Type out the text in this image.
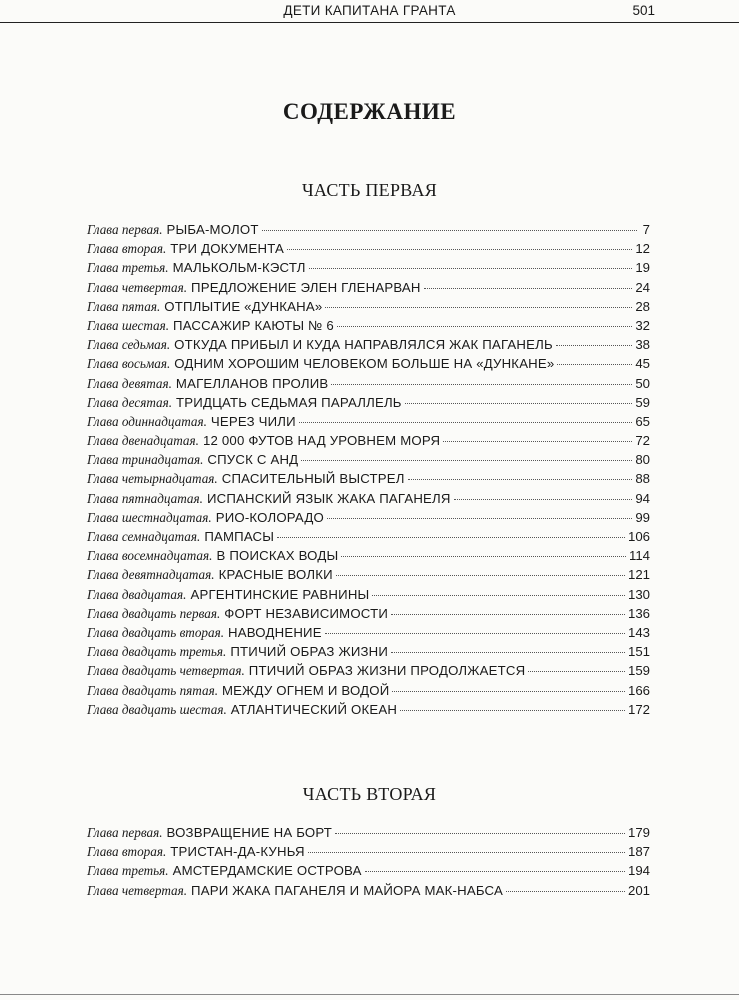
ДЕТИ КАПИТАНА ГРАНТА	501
СОДЕРЖАНИЕ
ЧАСТЬ ПЕРВАЯ
Глава первая. РЫБА-МОЛОТ	7
Глава вторая. ТРИ ДОКУМЕНТА	12
Глава третья. МАЛЬКОЛЬМ-КЭСТЛ	19
Глава четвертая. ПРЕДЛОЖЕНИЕ ЭЛЕН ГЛЕНАРВАН	24
Глава пятая. ОТПЛЫТИЕ «ДУНКАНА»	28
Глава шестая. ПАССАЖИР КАЮТЫ № 6	32
Глава седьмая. ОТКУДА ПРИБЫЛ И КУДА НАПРАВЛЯЛСЯ ЖАК ПАГАНЕЛЬ	38
Глава восьмая. ОДНИМ ХОРОШИМ ЧЕЛОВЕКОМ БОЛЬШЕ НА «ДУНКАНЕ»	45
Глава девятая. МАГЕЛЛАНОВ ПРОЛИВ	50
Глава десятая. ТРИДЦАТЬ СЕДЬМАЯ ПАРАЛЛЕЛЬ	59
Глава одиннадцатая. ЧЕРЕЗ ЧИЛИ	65
Глава двенадцатая. 12 000 ФУТОВ НАД УРОВНЕМ МОРЯ	72
Глава тринадцатая. СПУСК С АНД	80
Глава четырнадцатая. СПАСИТЕЛЬНЫЙ ВЫСТРЕЛ	88
Глава пятнадцатая. ИСПАНСКИЙ ЯЗЫК ЖАКА ПАГАНЕЛЯ	94
Глава шестнадцатая. РИО-КОЛОРАДО	99
Глава семнадцатая. ПАМПАСЫ	106
Глава восемнадцатая. В ПОИСКАХ ВОДЫ	114
Глава девятнадцатая. КРАСНЫЕ ВОЛКИ	121
Глава двадцатая. АРГЕНТИНСКИЕ РАВНИНЫ	130
Глава двадцать первая. ФОРТ НЕЗАВИСИМОСТИ	136
Глава двадцать вторая. НАВОДНЕНИЕ	143
Глава двадцать третья. ПТИЧИЙ ОБРАЗ ЖИЗНИ	151
Глава двадцать четвертая. ПТИЧИЙ ОБРАЗ ЖИЗНИ ПРОДОЛЖАЕТСЯ	159
Глава двадцать пятая. МЕЖДУ ОГНЕМ И ВОДОЙ	166
Глава двадцать шестая. АТЛАНТИЧЕСКИЙ ОКЕАН	172
ЧАСТЬ ВТОРАЯ
Глава первая. ВОЗВРАЩЕНИЕ НА БОРТ	179
Глава вторая. ТРИСТАН-ДА-КУНЬЯ	187
Глава третья. АМСТЕРДАМСКИЕ ОСТРОВА	194
Глава четвертая. ПАРИ ЖАКА ПАГАНЕЛЯ И МАЙОРА МАК-НАБСА	201
